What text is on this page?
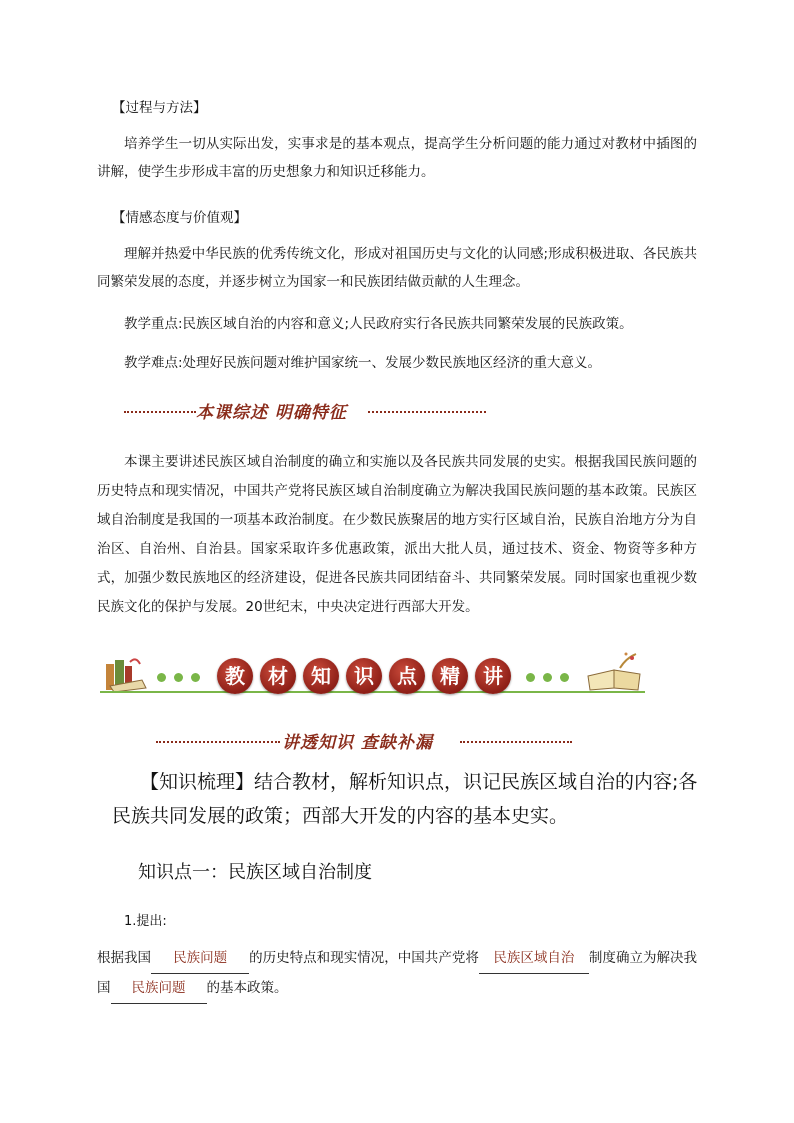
【过程与方法】
培养学生一切从实际出发，实事求是的基本观点，提高学生分析问题的能力通过对教材中插图的讲解，使学生步形成丰富的历史想象力和知识迁移能力。
【情感态度与价值观】
理解并热爱中华民族的优秀传统文化，形成对祖国历史与文化的认同感;形成积极进取、各民族共同繁荣发展的态度，并逐步树立为国家一和民族团结做贡献的人生理念。
教学重点:民族区域自治的内容和意义;人民政府实行各民族共同繁荣发展的民族政策。
教学难点:处理好民族问题对维护国家统一、发展少数民族地区经济的重大意义。
本课综述 明确特征
本课主要讲述民族区域自治制度的确立和实施以及各民族共同发展的史实。根据我国民族问题的历史特点和现实情况，中国共产党将民族区域自治制度确立为解决我国民族问题的基本政策。民族区域自治制度是我国的一项基本政治制度。在少数民族聚居的地方实行区域自治，民族自治地方分为自治区、自治州、自治县。国家采取许多优惠政策，派出大批人员，通过技术、资金、物资等多种方式，加强少数民族地区的经济建设，促进各民族共同团结奋斗、共同繁荣发展。同时国家也重视少数民族文化的保护与发展。20世纪末，中央决定进行西部大开发。
教	材	知	识	点	精	讲
讲透知识 查缺补漏
【知识梳理】结合教材，解析知识点，识记民族区域自治的内容;各民族共同发展的政策；西部大开发的内容的基本史实。
知识点一：民族区域自治制度
1.提出:
根据我国 民族问题 的历史特点和现实情况，中国共产党将 民族区域自治 制度确立为解决我国 民族问题 的基本政策。
